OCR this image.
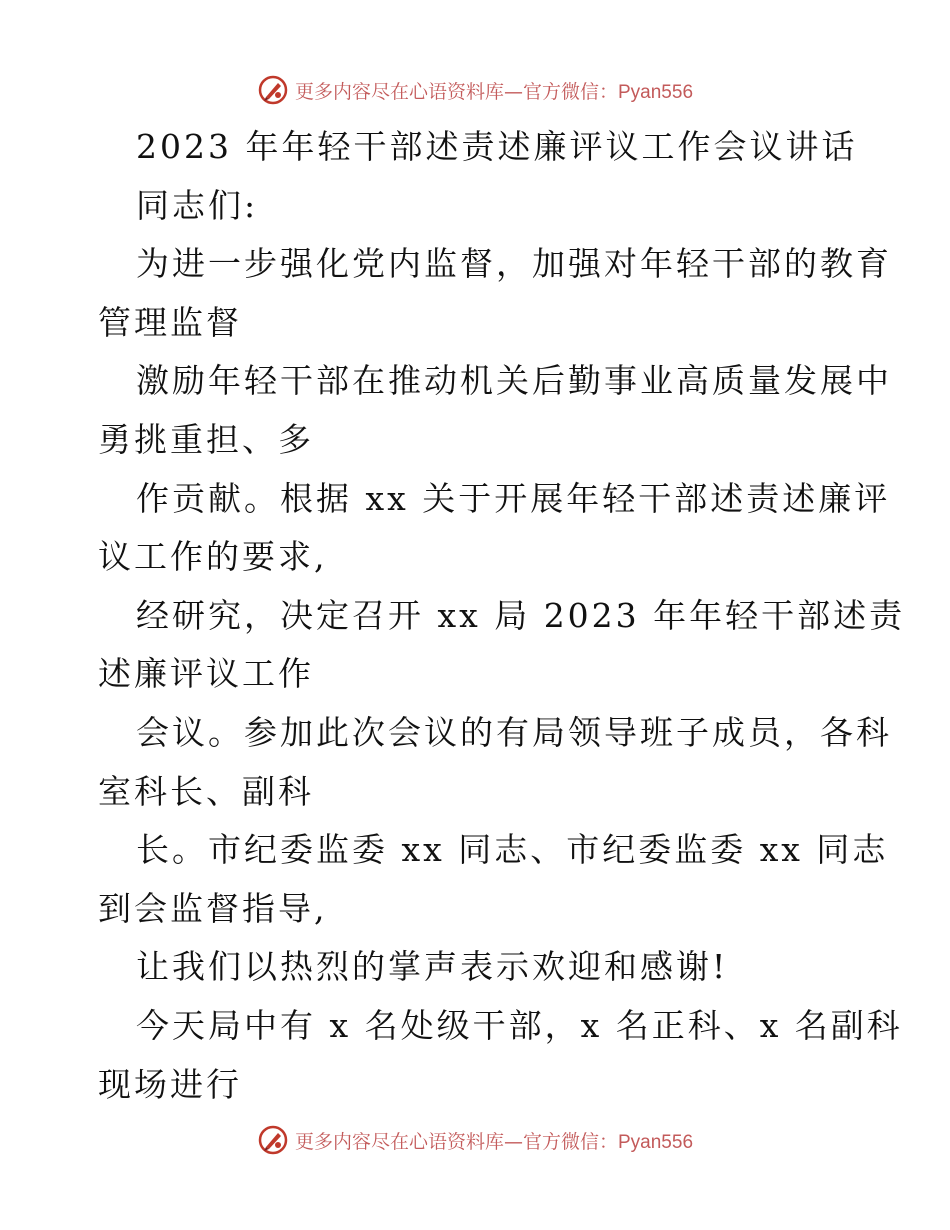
更多内容尽在心语资料库—官方微信：Pyan556
2023 年年轻干部述责述廉评议工作会议讲话
同志们:
为进一步强化党内监督，加强对年轻干部的教育
管理监督
激励年轻干部在推动机关后勤事业高质量发展中
勇挑重担、多
作贡献。根据 xx 关于开展年轻干部述责述廉评
议工作的要求,
经研究，决定召开 xx 局 2023 年年轻干部述责
述廉评议工作
会议。参加此次会议的有局领导班子成员，各科
室科长、副科
长。市纪委监委 xx 同志、市纪委监委 xx 同志
到会监督指导,
让我们以热烈的掌声表示欢迎和感谢!
今天局中有 x 名处级干部，x 名正科、x 名副科
现场进行
更多内容尽在心语资料库—官方微信：Pyan556
